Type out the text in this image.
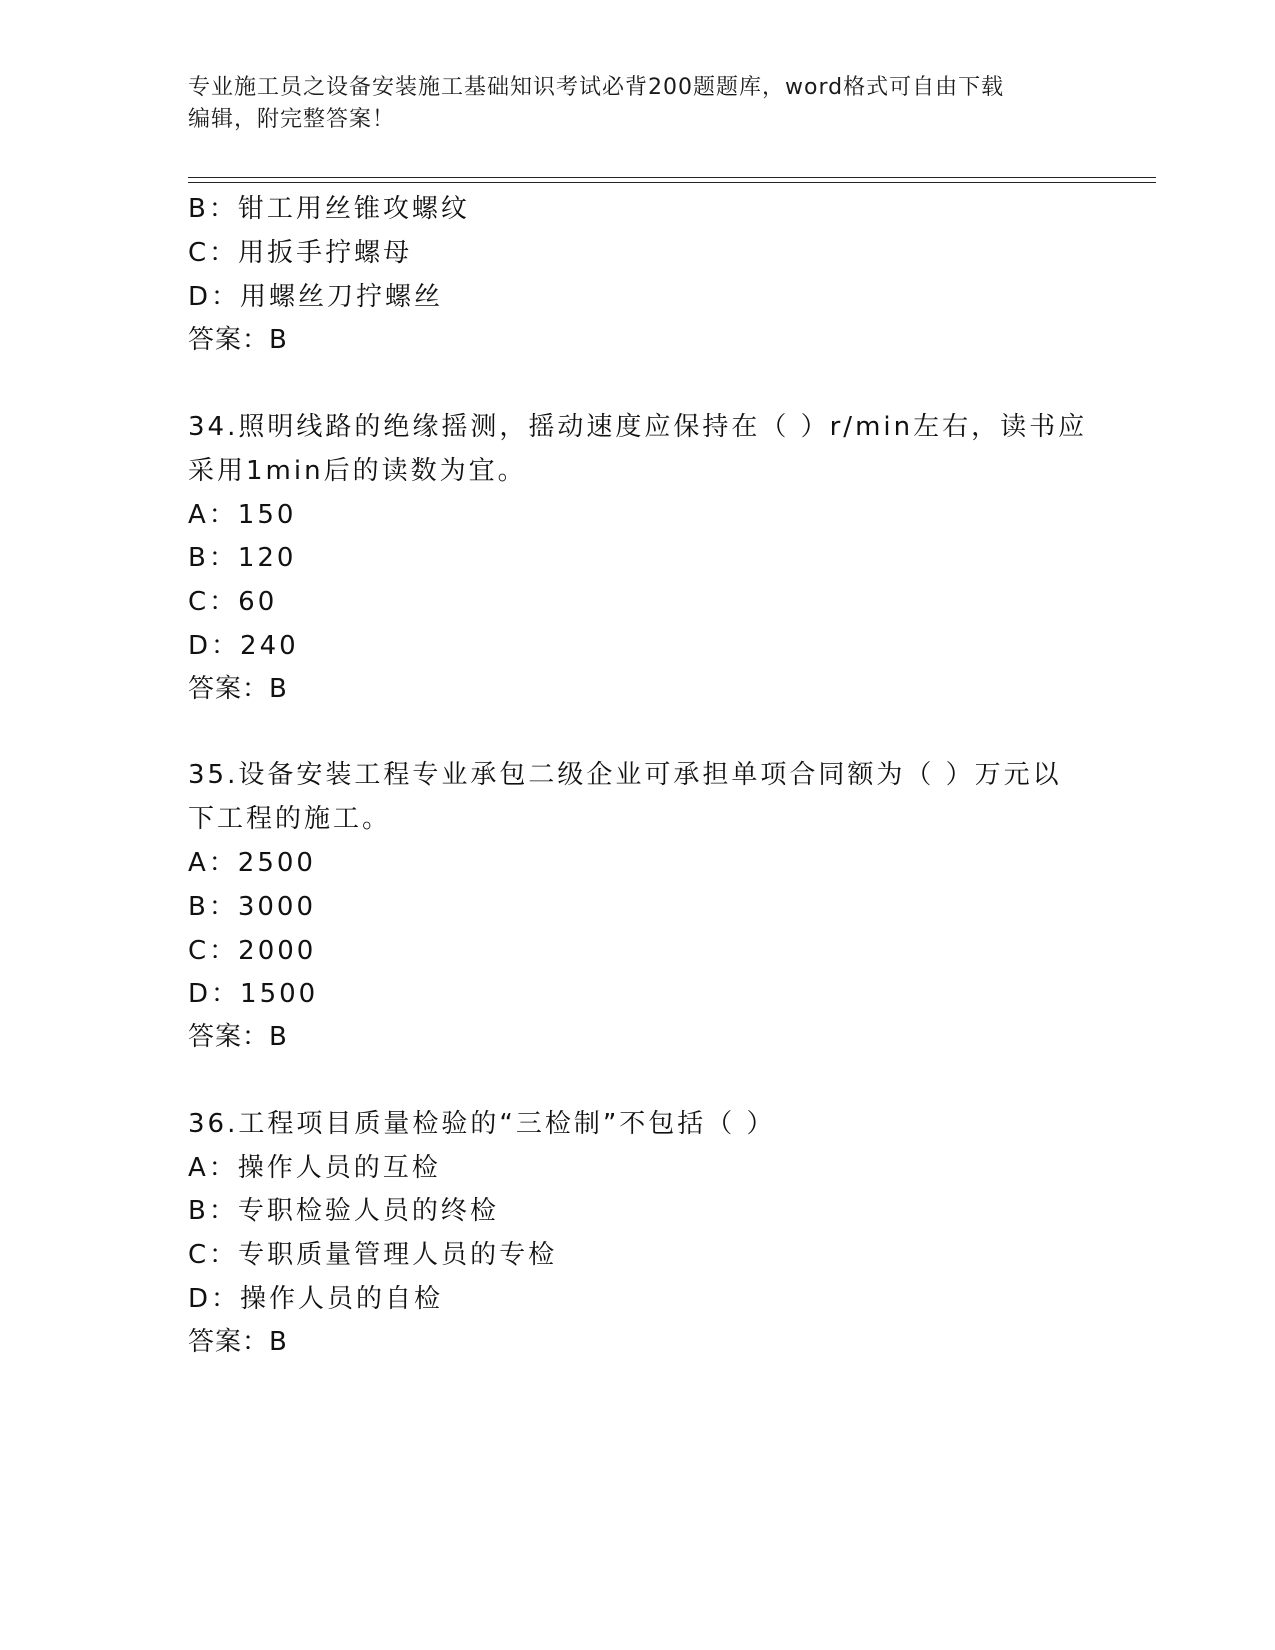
专业施工员之设备安装施工基础知识考试必背200题题库，word格式可自由下载
编辑，附完整答案！
B：钳工用丝锥攻螺纹
C：用扳手拧螺母
D：用螺丝刀拧螺丝
答案：B
34.照明线路的绝缘摇测，摇动速度应保持在（ ）r/min左右，读书应
采用1min后的读数为宜。
A：150
B：120
C：60
D：240
答案：B
35.设备安装工程专业承包二级企业可承担单项合同额为（ ）万元以
下工程的施工。
A：2500
B：3000
C：2000
D：1500
答案：B
36.工程项目质量检验的“三检制”不包括（ ）
A：操作人员的互检
B：专职检验人员的终检
C：专职质量管理人员的专检
D：操作人员的自检
答案：B
